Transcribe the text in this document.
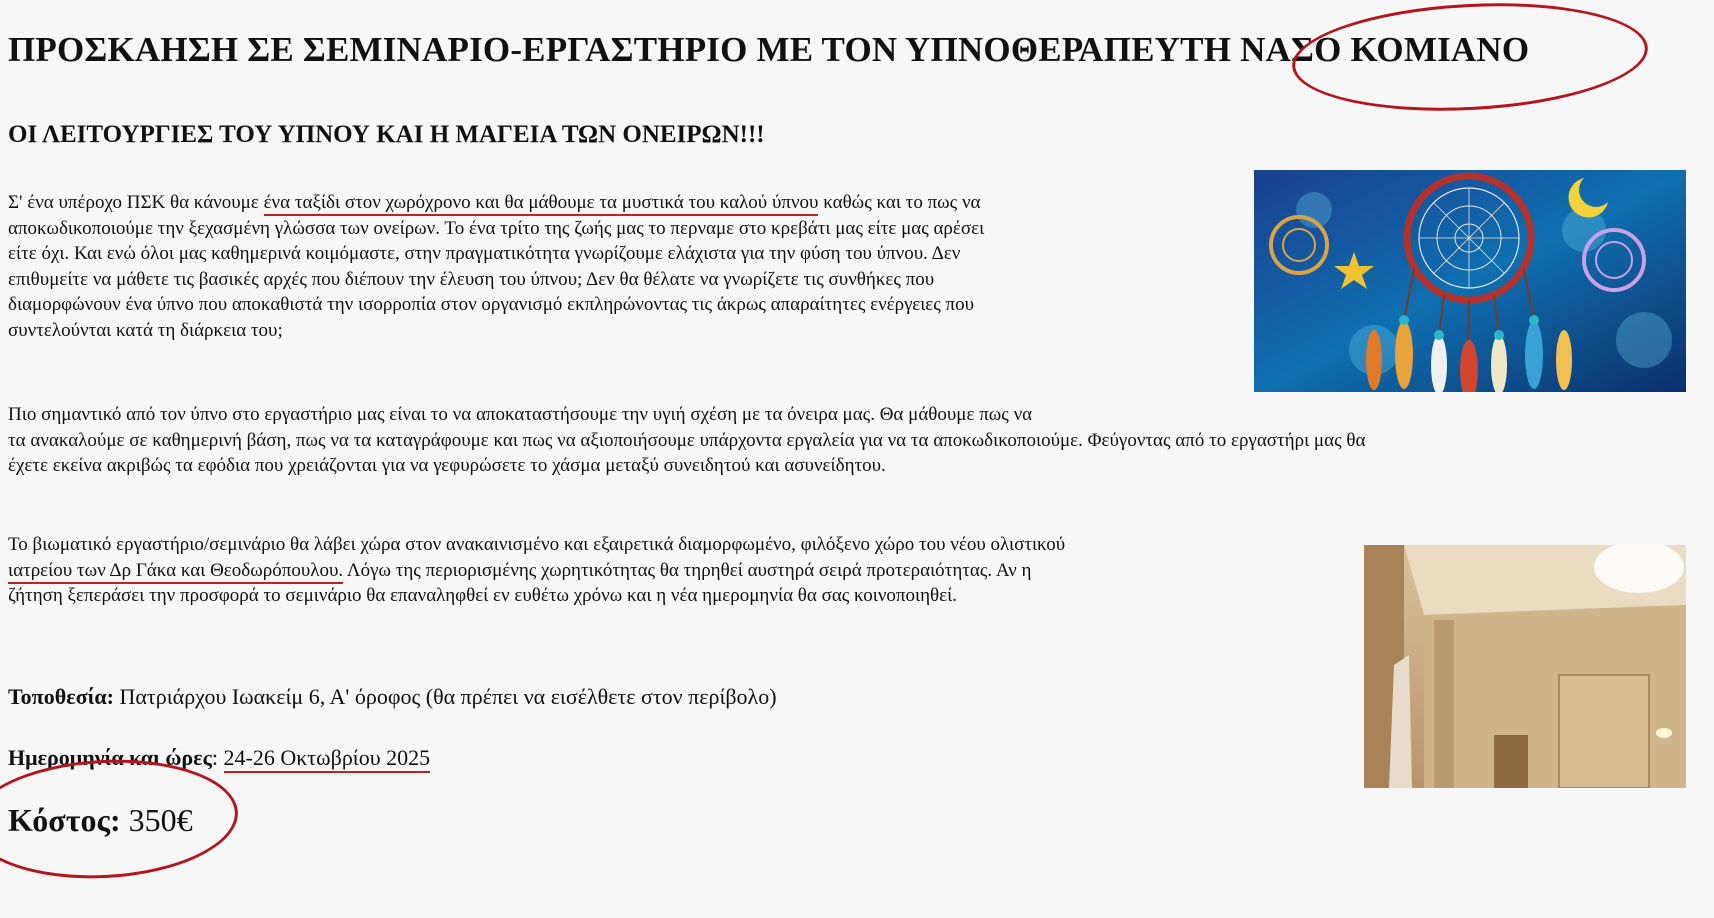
ΠΡΟΣΚΑΗΣΗ ΣΕ ΣΕΜΙΝΑΡΙΟ-ΕΡΓΑΣΤΗΡΙΟ ΜΕ ΤΟΝ ΥΠΝΟΘΕΡΑΠΕΥΤΗ ΝΑΣΟ ΚΟΜΙΑΝΟ
ΟΙ ΛΕΙΤΟΥΡΓΙΕΣ ΤΟΥ ΥΠΝΟΥ ΚΑΙ Η ΜΑΓΕΙΑ ΤΩΝ ΟΝΕΙΡΩΝ!!!
Σ' ένα υπέροχο ΠΣΚ θα κάνουμε ένα ταξίδι στον χωρόχρονο και θα μάθουμε τα μυστικά του καλού ύπνου καθώς και το πως να
αποκωδικοποιούμε την ξεχασμένη γλώσσα των ονείρων. Το ένα τρίτο της ζωής μας το περναμε στο κρεβάτι μας είτε μας αρέσει
είτε όχι. Και ενώ όλοι μας καθημερινά κοιμόμαστε, στην πραγματικότητα γνωρίζουμε ελάχιστα για την φύση του ύπνου. Δεν
επιθυμείτε να μάθετε τις βασικές αρχές που διέπουν την έλευση του ύπνου; Δεν θα θέλατε να γνωρίζετε τις συνθήκες που
διαμορφώνουν ένα ύπνο που αποκαθιστά την ισορροπία στον οργανισμό εκπληρώνοντας τις άκρως απαραίτητες ενέργειες που
συντελούνται κατά τη διάρκεια του;
Πιο σημαντικό από τον ύπνο στο εργαστήριο μας είναι το να αποκαταστήσουμε την υγιή σχέση με τα όνειρα μας. Θα μάθουμε πως να
τα ανακαλούμε σε καθημερινή βάση, πως να τα καταγράφουμε και πως να αξιοποιήσουμε υπάρχοντα εργαλεία για να τα αποκωδικοποιούμε. Φεύγοντας από το εργαστήρι μας θα
έχετε εκείνα ακριβώς τα εφόδια που χρειάζονται για να γεφυρώσετε το χάσμα μεταξύ συνειδητού και ασυνείδητου.
Το βιωματικό εργαστήριο/σεμινάριο θα λάβει χώρα στον ανακαινισμένο και εξαιρετικά διαμορφωμένο, φιλόξενο χώρο του νέου ολιστικού
ιατρείου των Δρ Γάκα και Θεοδωρόπουλου. Λόγω της περιορισμένης χωρητικότητας θα τηρηθεί αυστηρά σειρά προτεραιότητας. Αν η
ζήτηση ξεπεράσει την προσφορά το σεμινάριο θα επαναληφθεί εν ευθέτω χρόνω και η νέα ημερομηνία θα σας κοινοποιηθεί.

Τοποθεσία: Πατριάρχου Ιωακείμ 6, Α' όροφος (θα πρέπει να εισέλθετε στον περίβολο)

Ημερομηνία και ώρες: 24-26 Οκτωβρίου 2025

Κόστος: 350€
